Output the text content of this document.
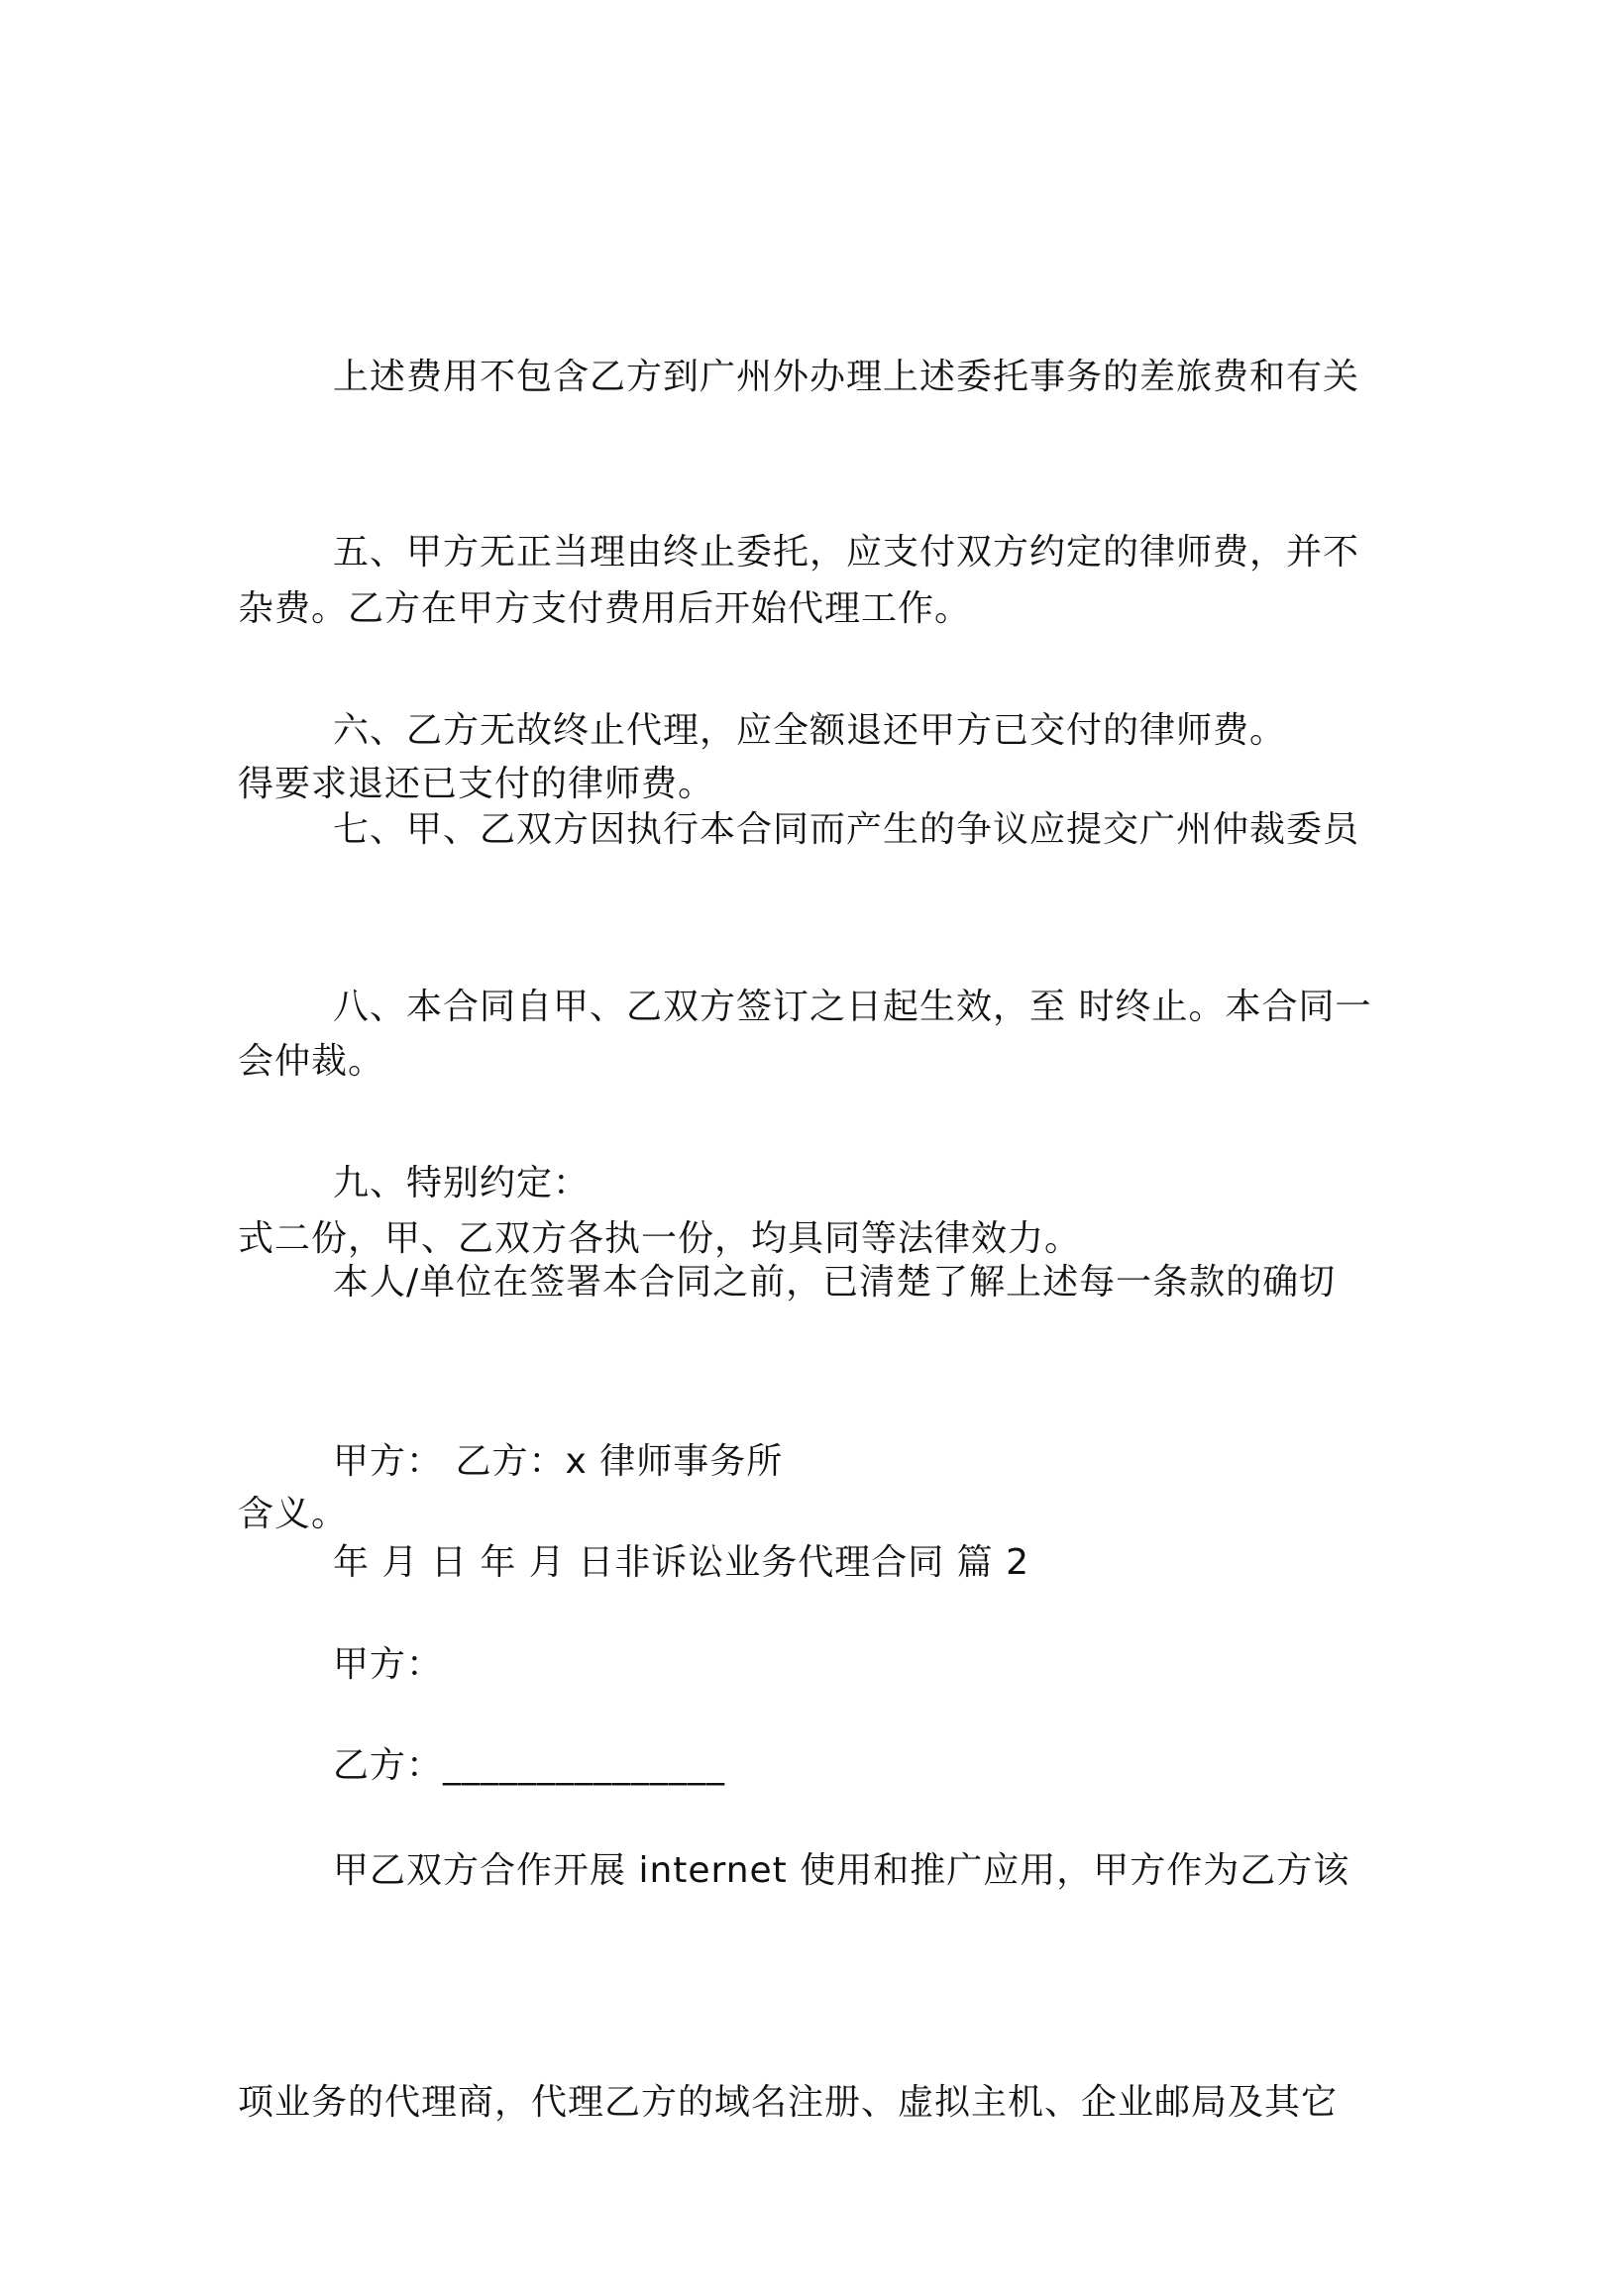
上述费用不包含乙方到广州外办理上述委托事务的差旅费和有关

杂费。乙方在甲方支付费用后开始代理工作。

五、甲方无正当理由终止委托，应支付双方约定的律师费，并不

得要求退还已支付的律师费。

六、乙方无故终止代理，应全额退还甲方已交付的律师费。

七、甲、乙双方因执行本合同而产生的争议应提交广州仲裁委员

会仲裁。

八、本合同自甲、乙双方签订之日起生效，至 时终止。本合同一

式二份，甲、乙双方各执一份，均具同等法律效力。

九、特别约定：

本人/单位在签署本合同之前，已清楚了解上述每一条款的确切

含义。

甲方： 乙方：x 律师事务所

年 月 日 年 月 日非诉讼业务代理合同 篇 2

甲方：

乙方：_______________

甲乙双方合作开展 internet 使用和推广应用，甲方作为乙方该

项业务的代理商，代理乙方的域名注册、虚拟主机、企业邮局及其它
